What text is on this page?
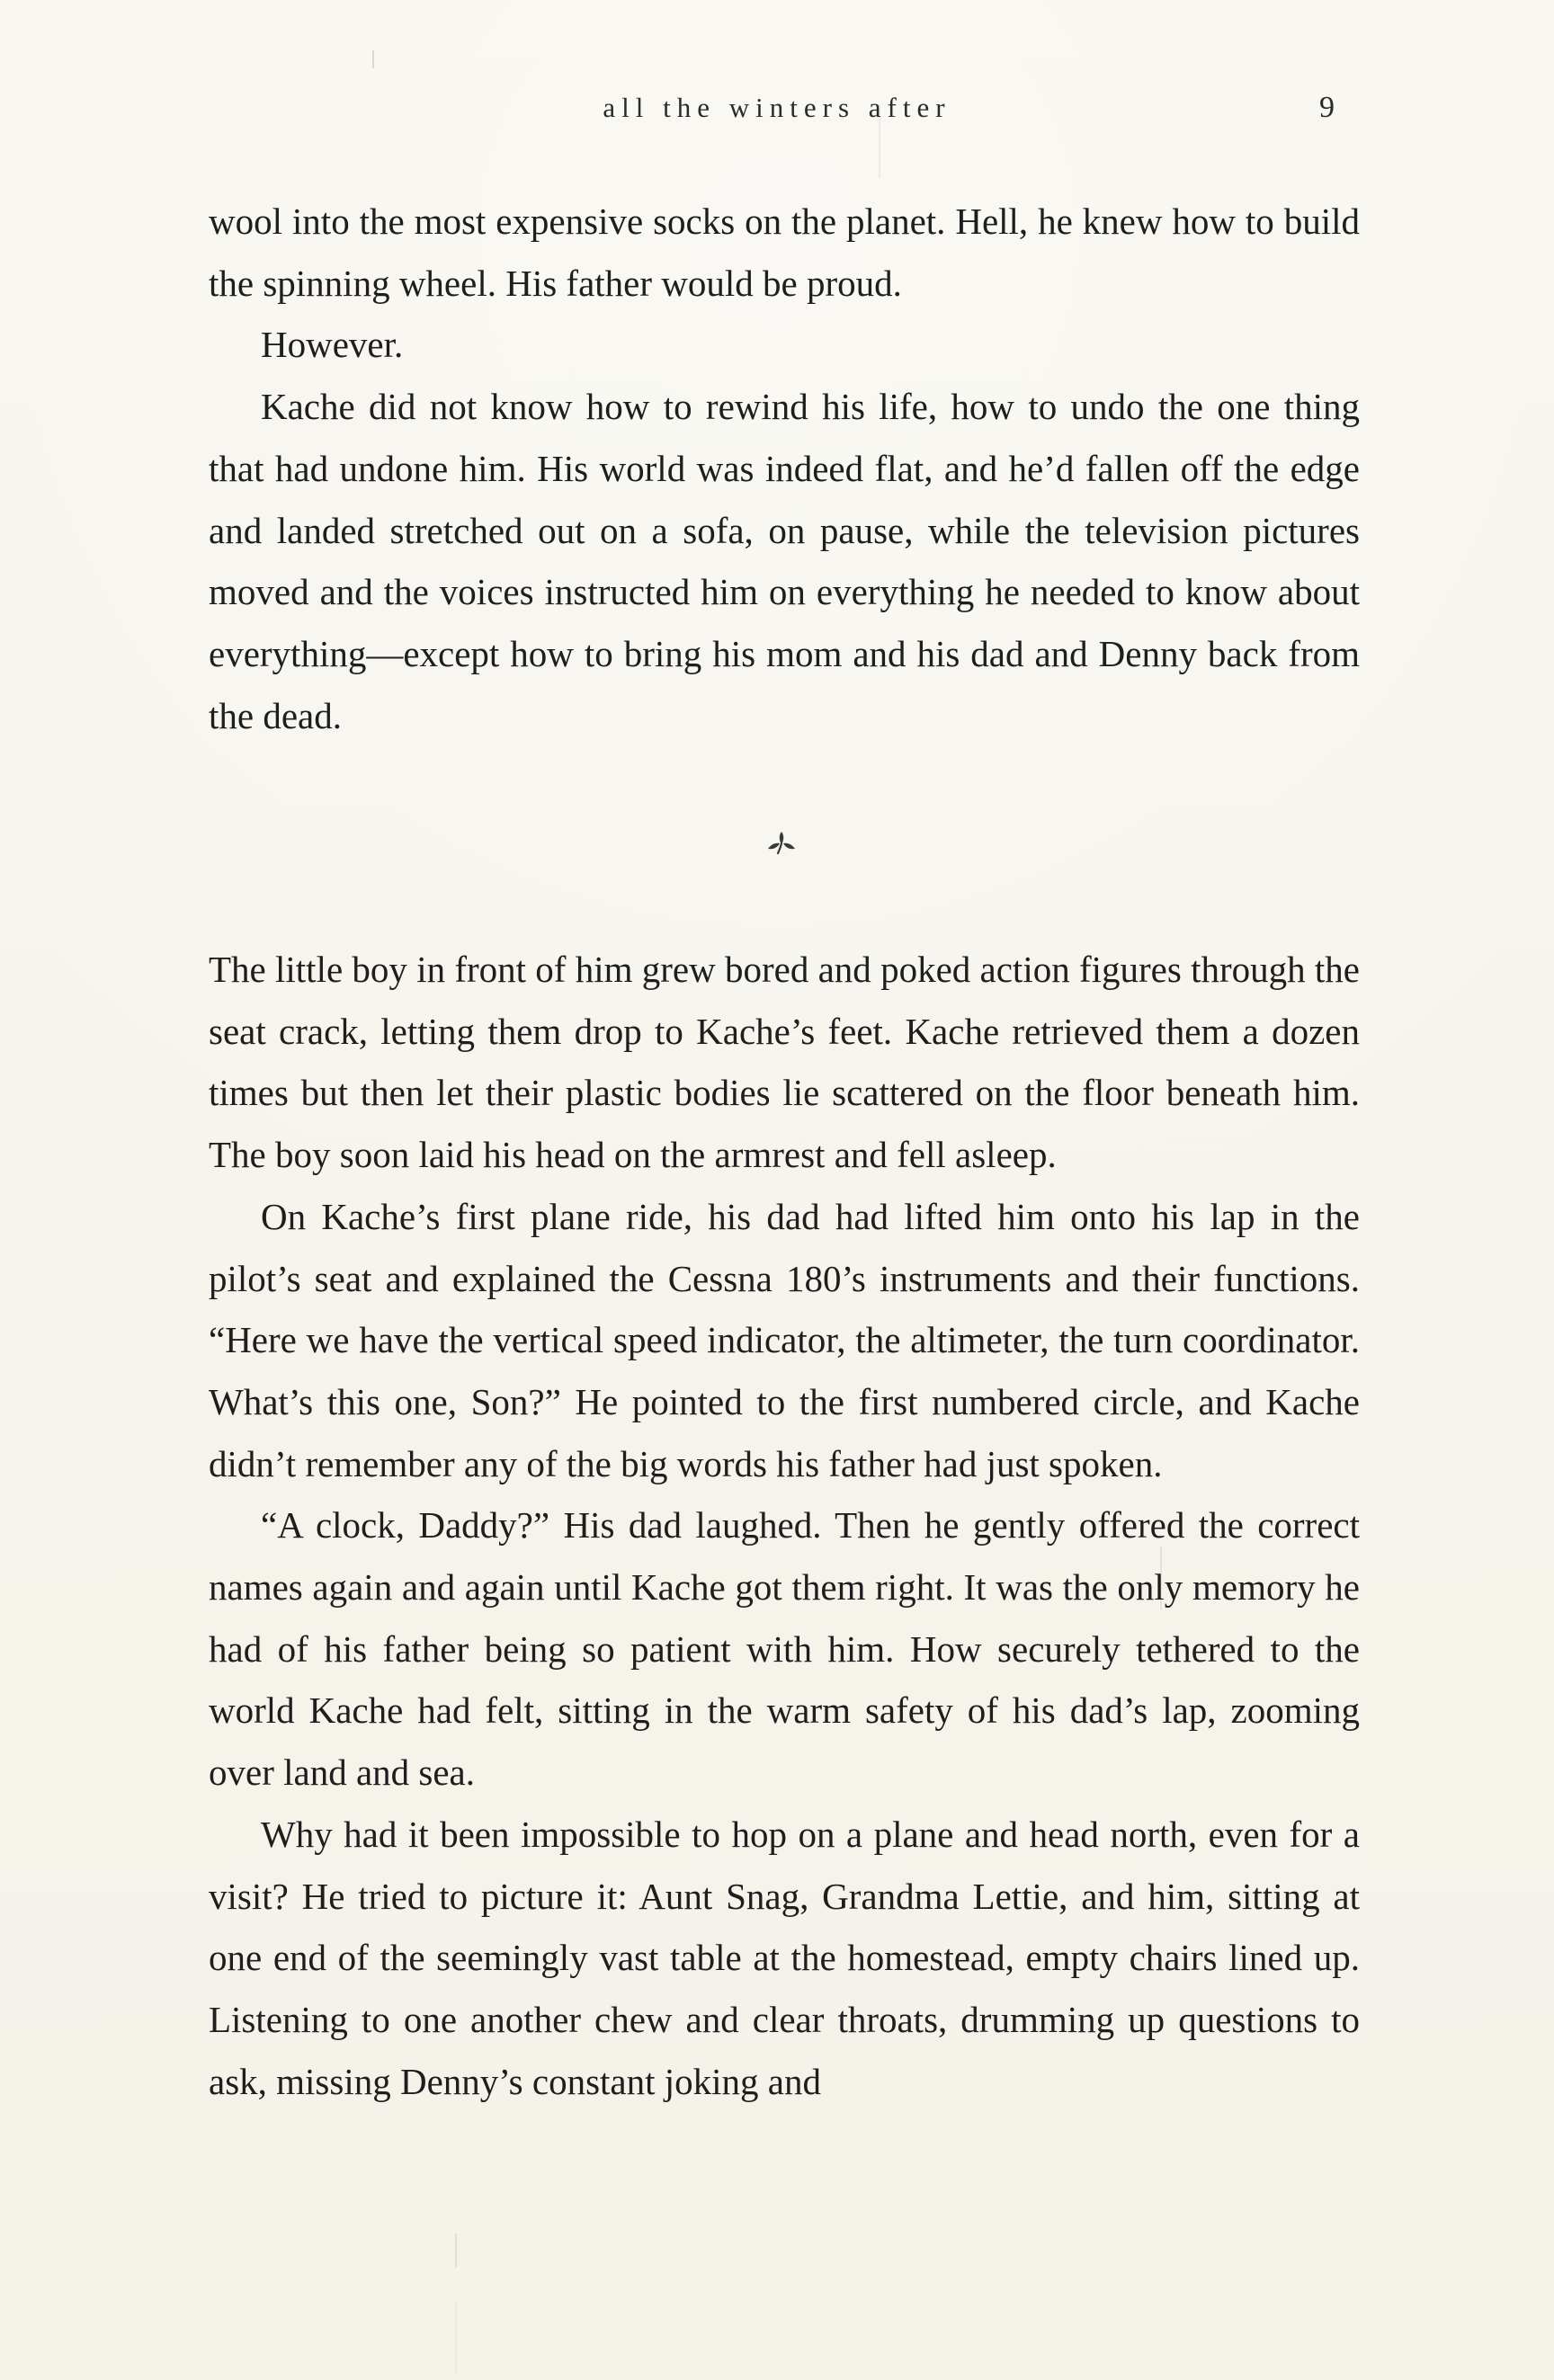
all the winters after	9

wool into the most expensive socks on the planet. Hell, he knew how to build the spinning wheel. His father would be proud.

However.

Kache did not know how to rewind his life, how to undo the one thing that had undone him. His world was indeed flat, and he’d fallen off the edge and landed stretched out on a sofa, on pause, while the television pictures moved and the voices instructed him on everything he needed to know about everything—except how to bring his mom and his dad and Denny back from the dead.

The little boy in front of him grew bored and poked action figures through the seat crack, letting them drop to Kache’s feet. Kache retrieved them a dozen times but then let their plastic bodies lie scattered on the floor beneath him. The boy soon laid his head on the armrest and fell asleep.

On Kache’s first plane ride, his dad had lifted him onto his lap in the pilot’s seat and explained the Cessna 180’s instruments and their functions. “Here we have the vertical speed indicator, the altimeter, the turn coordinator. What’s this one, Son?” He pointed to the first numbered circle, and Kache didn’t remember any of the big words his father had just spoken.

“A clock, Daddy?” His dad laughed. Then he gently offered the correct names again and again until Kache got them right. It was the only memory he had of his father being so patient with him. How securely tethered to the world Kache had felt, sitting in the warm safety of his dad’s lap, zooming over land and sea.

Why had it been impossible to hop on a plane and head north, even for a visit? He tried to picture it: Aunt Snag, Grandma Lettie, and him, sitting at one end of the seemingly vast table at the homestead, empty chairs lined up. Listening to one another chew and clear throats, drumming up questions to ask, missing Denny’s constant joking and
